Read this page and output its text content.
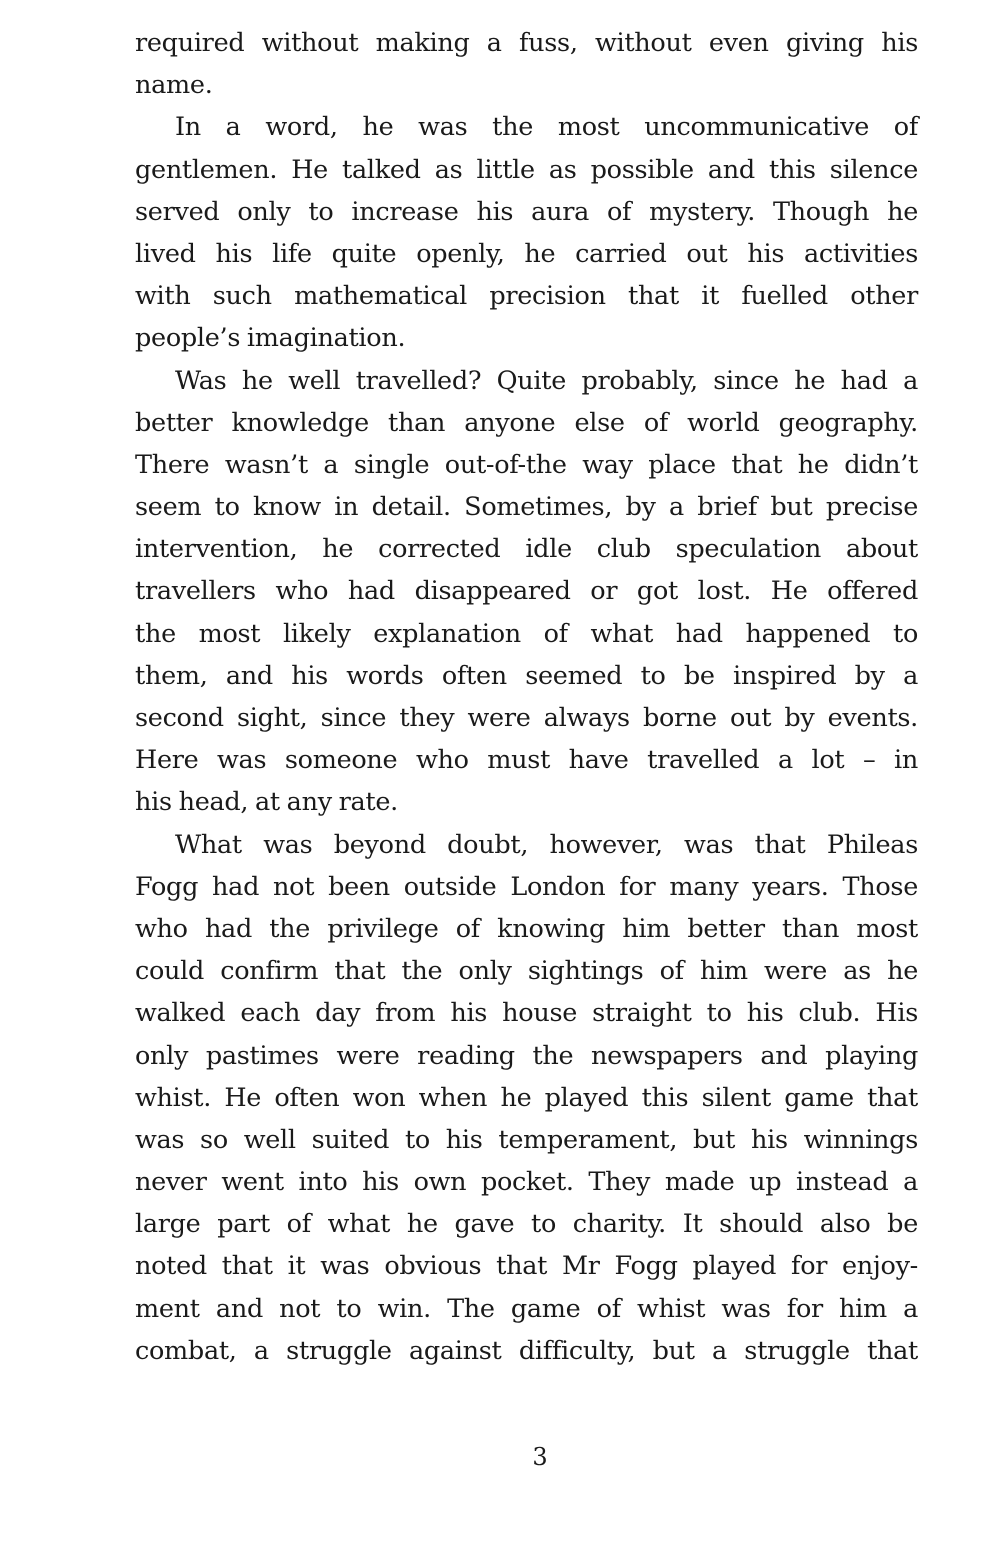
required without making a fuss, without even giving his
name.
In a word, he was the most uncommunicative of
gentlemen. He talked as little as possible and this silence
served only to increase his aura of mystery. Though he
lived his life quite openly, he carried out his activities
with such mathematical precision that it fuelled other
people’s imagination.
Was he well travelled? Quite probably, since he had a
better knowledge than anyone else of world geography.
There wasn’t a single out-of-the way place that he didn’t
seem to know in detail. Sometimes, by a brief but precise
intervention, he corrected idle club speculation about
travellers who had disappeared or got lost. He offered
the most likely explanation of what had happened to
them, and his words often seemed to be inspired by a
second sight, since they were always borne out by events.
Here was someone who must have travelled a lot – in
his head, at any rate.
What was beyond doubt, however, was that Phileas
Fogg had not been outside London for many years. Those
who had the privilege of knowing him better than most
could confirm that the only sightings of him were as he
walked each day from his house straight to his club. His
only pastimes were reading the newspapers and playing
whist. He often won when he played this silent game that
was so well suited to his temperament, but his winnings
never went into his own pocket. They made up instead a
large part of what he gave to charity. It should also be
noted that it was obvious that Mr Fogg played for enjoy-
ment and not to win. The game of whist was for him a
combat, a struggle against difficulty, but a struggle that
3
